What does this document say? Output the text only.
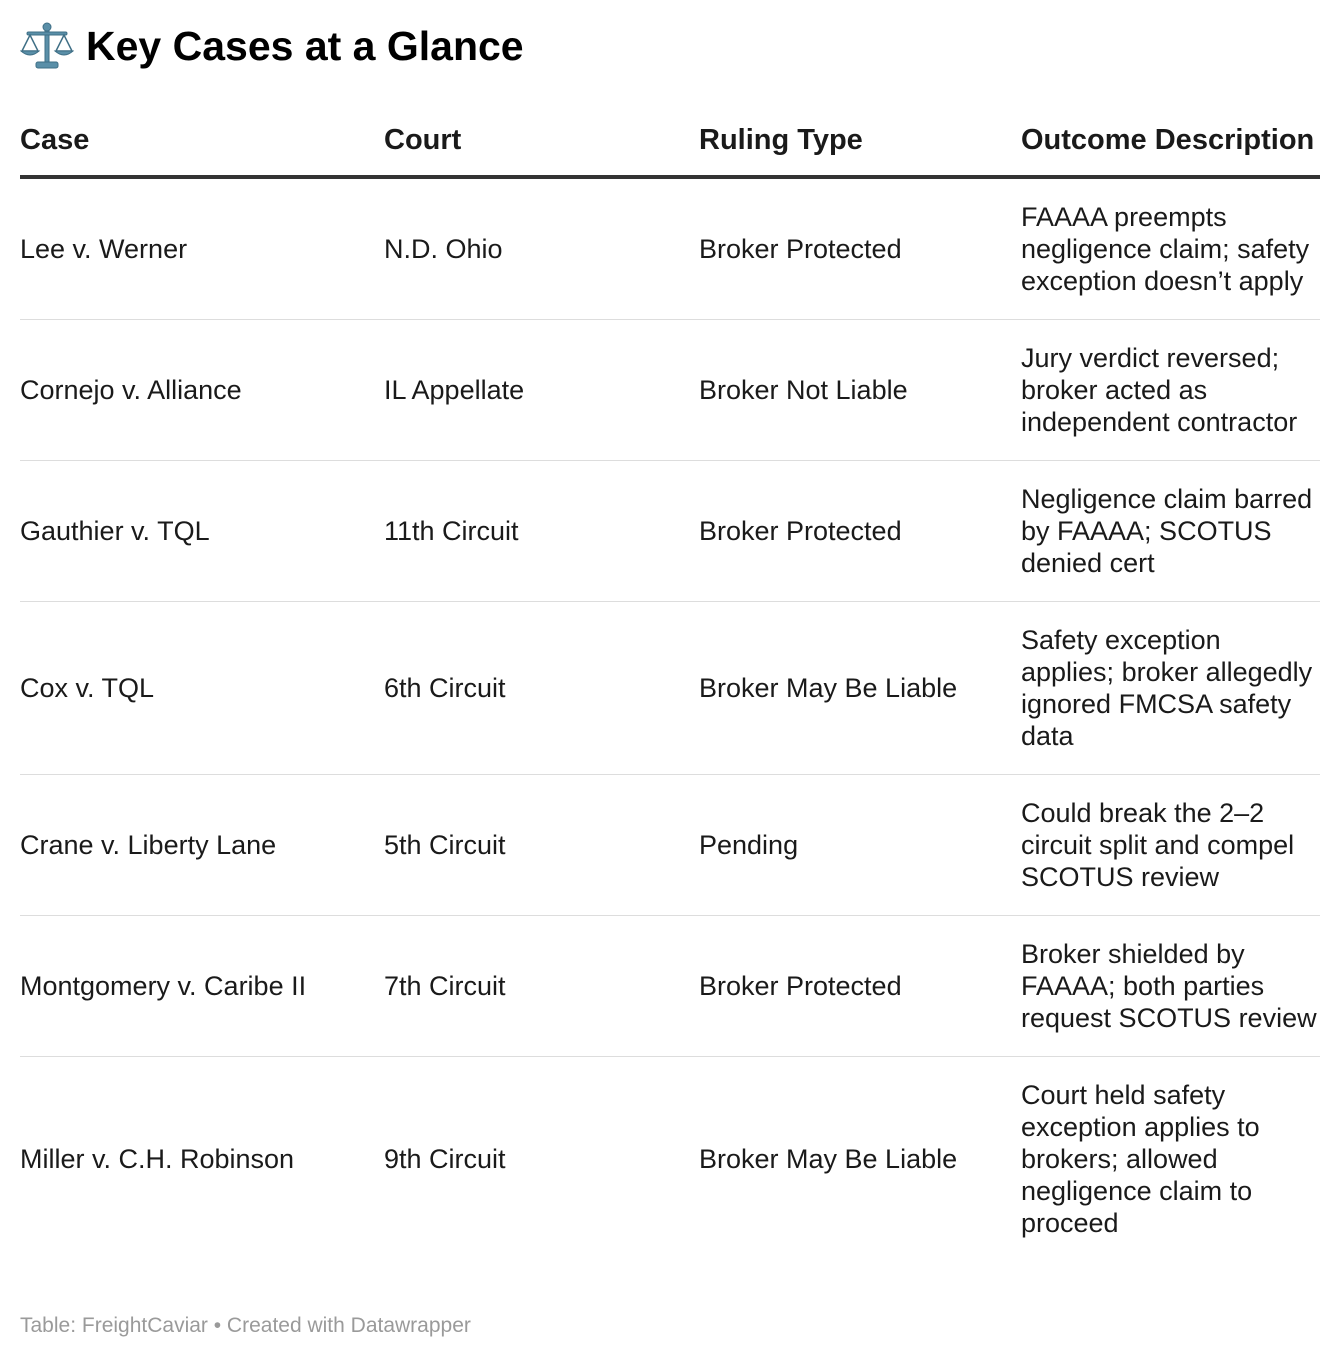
Key Cases at a Glance
Case	Court	Ruling Type	Outcome Description

Lee v. Werner	N.D. Ohio	Broker Protected	FAAAA preempts negligence claim; safety exception doesn’t apply

Cornejo v. Alliance	IL Appellate	Broker Not Liable	Jury verdict reversed; broker acted as independent contractor

Gauthier v. TQL	11th Circuit	Broker Protected	Negligence claim barred by FAAAA; SCOTUS denied cert

Cox v. TQL	6th Circuit	Broker May Be Liable	Safety exception applies; broker allegedly ignored FMCSA safety data

Crane v. Liberty Lane	5th Circuit	Pending	Could break the 2–2 circuit split and compel SCOTUS review

Montgomery v. Caribe II	7th Circuit	Broker Protected	Broker shielded by FAAAA; both parties request SCOTUS review

Miller v. C.H. Robinson	9th Circuit	Broker May Be Liable	Court held safety exception applies to brokers; allowed negligence claim to proceed
Table: FreightCaviar • Created with Datawrapper
